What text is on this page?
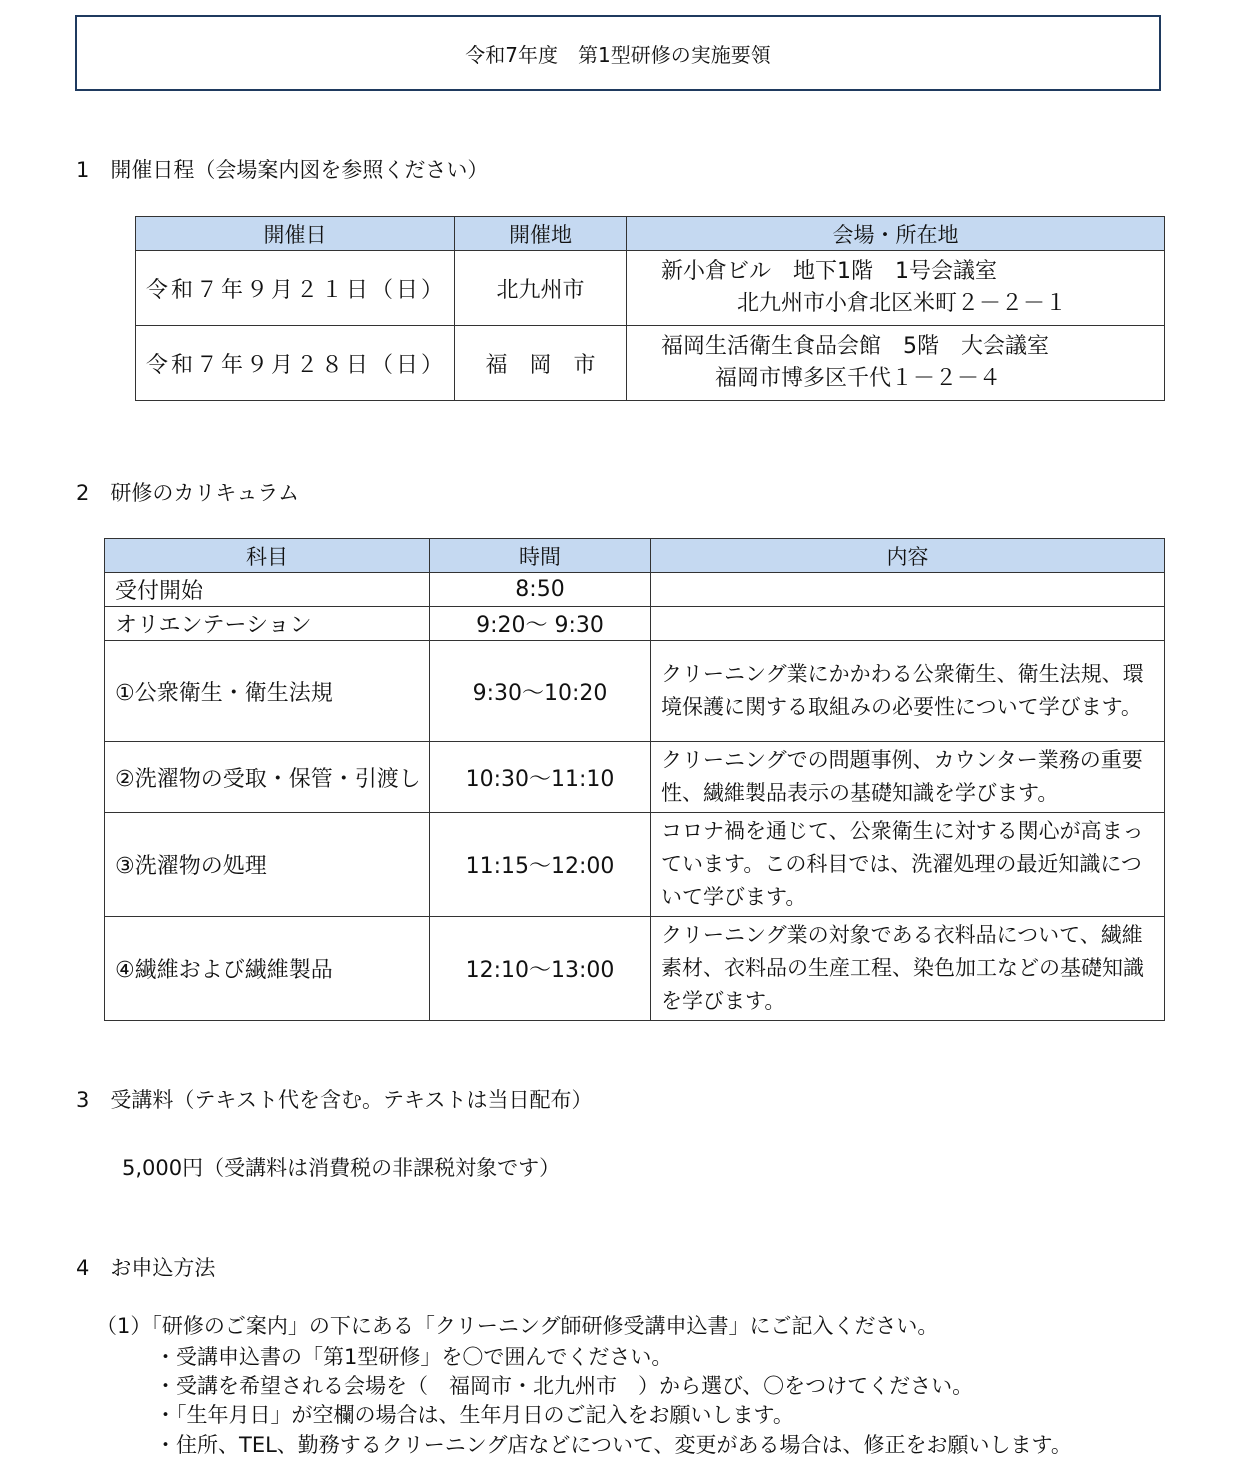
令和7年度　第1型研修の実施要領
1　開催日程（会場案内図を参照ください）
開催日	開催地	会場・所在地
令和７年９月２１日（日）	北九州市	新小倉ビル　地下1階　1号会議室
北九州市小倉北区米町２－２－１

令和７年９月２８日（日）	福　岡　市	福岡生活衛生食品会館　5階　大会議室
福岡市博多区千代１－２－４
2　研修のカリキュラム
科目	時間	内容
受付開始	8:50	
オリエンテーション	9:20～ 9:30	
①公衆衛生・衛生法規	9:30～10:20	クリーニング業にかかわる公衆衛生、衛生法規、環境保護に関する取組みの必要性について学びます。
②洗濯物の受取・保管・引渡し	10:30～11:10	クリーニングでの問題事例、カウンター業務の重要性、繊維製品表示の基礎知識を学びます。
③洗濯物の処理	11:15～12:00	コロナ禍を通じて、公衆衛生に対する関心が高まっています。この科目では、洗濯処理の最近知識について学びます。
④繊維および繊維製品	12:10～13:00	クリーニング業の対象である衣料品について、繊維素材、衣料品の生産工程、染色加工などの基礎知識を学びます。
3　受講料（テキスト代を含む。テキストは当日配布）
5,000円（受講料は消費税の非課税対象です）
4　お申込方法
（1）「研修のご案内」の下にある「クリーニング師研修受講申込書」にご記入ください。
・受講申込書の「第1型研修」を〇で囲んでください。
・受講を希望される会場を（　福岡市・北九州市　）から選び、〇をつけてください。
・「生年月日」が空欄の場合は、生年月日のご記入をお願いします。
・住所、TEL、勤務するクリーニング店などについて、変更がある場合は、修正をお願いします。
